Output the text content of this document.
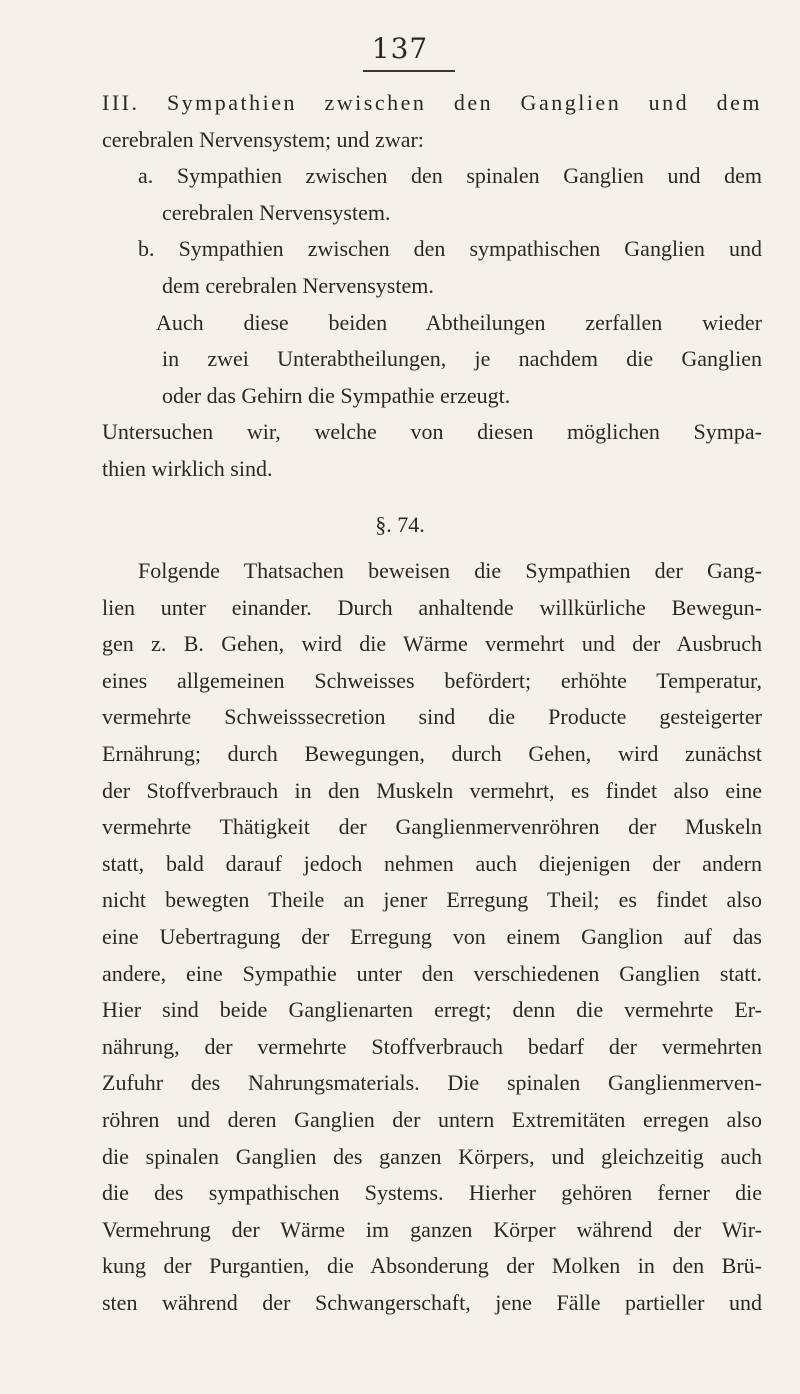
137
III. Sympathien zwischen den Ganglien und dem
cerebralen Nervensystem; und zwar:
a. Sympathien zwischen den spinalen Ganglien und dem
cerebralen Nervensystem.
b. Sympathien zwischen den sympathischen Ganglien und
dem cerebralen Nervensystem.
Auch diese beiden Abtheilungen zerfallen wieder
in zwei Unterabtheilungen, je nachdem die Ganglien
oder das Gehirn die Sympathie erzeugt.
Untersuchen wir, welche von diesen möglichen Sympa-
thien wirklich sind.
§. 74.
Folgende Thatsachen beweisen die Sympathien der Gang-
lien unter einander. Durch anhaltende willkürliche Bewegun-
gen z. B. Gehen, wird die Wärme vermehrt und der Ausbruch
eines allgemeinen Schweisses befördert; erhöhte Temperatur,
vermehrte Schweisssecretion sind die Producte gesteigerter
Ernährung; durch Bewegungen, durch Gehen, wird zunächst
der Stoffverbrauch in den Muskeln vermehrt, es findet also eine
vermehrte Thätigkeit der Ganglienmervenröhren der Muskeln
statt, bald darauf jedoch nehmen auch diejenigen der andern
nicht bewegten Theile an jener Erregung Theil; es findet also
eine Uebertragung der Erregung von einem Ganglion auf das
andere, eine Sympathie unter den verschiedenen Ganglien statt.
Hier sind beide Ganglienarten erregt; denn die vermehrte Er-
nährung, der vermehrte Stoffverbrauch bedarf der vermehrten
Zufuhr des Nahrungsmaterials. Die spinalen Ganglienmerven-
röhren und deren Ganglien der untern Extremitäten erregen also
die spinalen Ganglien des ganzen Körpers, und gleichzeitig auch
die des sympathischen Systems. Hierher gehören ferner die
Vermehrung der Wärme im ganzen Körper während der Wir-
kung der Purgantien, die Absonderung der Molken in den Brü-
sten während der Schwangerschaft, jene Fälle partieller und
